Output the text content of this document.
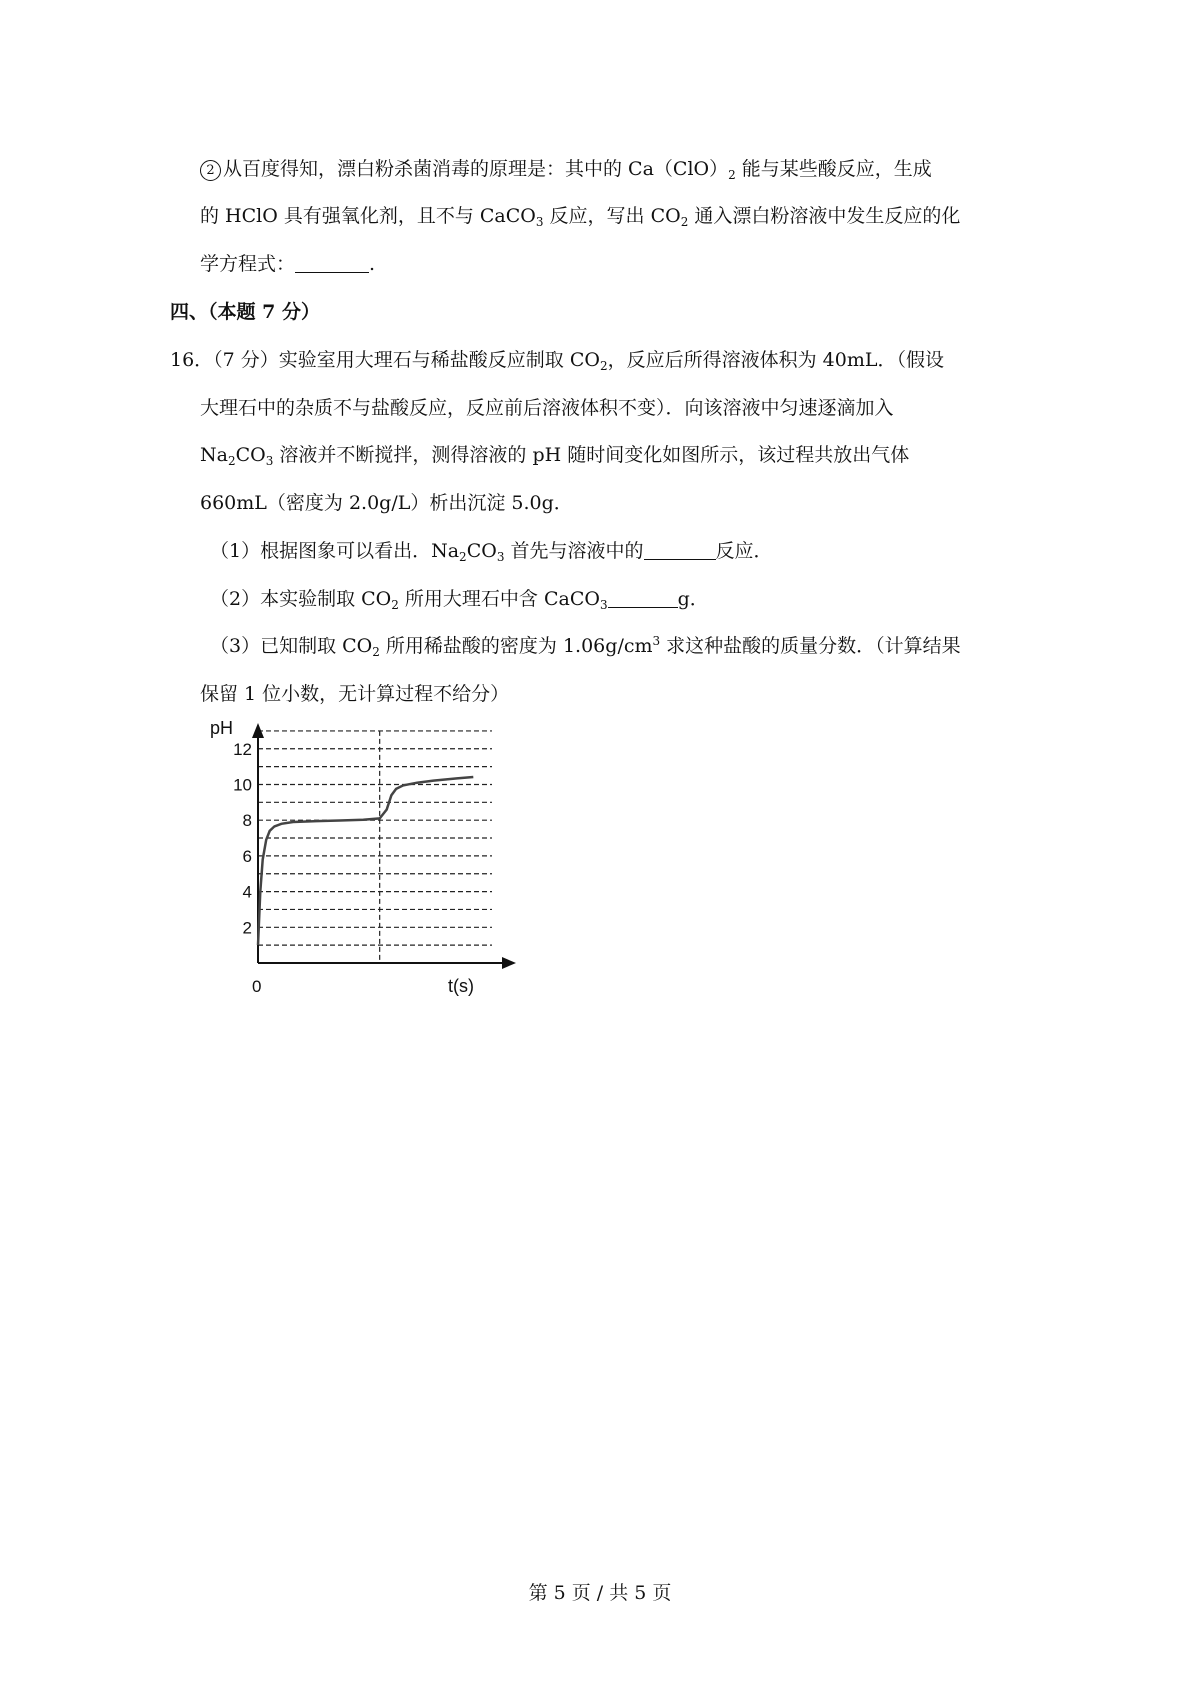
2 从百度得知，漂白粉杀菌消毒的原理是：其中的 $Ca(ClO)_2$ 能与某些酸反应，生成
的 HClO 具有强氧化剂，且不与 CaCO$_3$ 反应，写出 $CO_2$ 通入漂白粉溶液中发生反应的化
学方程式：	.
四、（本题 7 分）
16．（7 分）实验室用大理石与稀盐酸反应制取 $CO_2$，反应后所得溶液体积为 40mL．（假设
大理石中的杂质不与盐酸反应，反应前后溶液体积不变）．向该溶液中匀速逐滴加入
$Na_2CO_3$ 溶液并不断搅拌，测得溶液的 pH 随时间变化如图所示，该过程共放出气体
660mL（密度为 2.0g/L）析出沉淀 5.0g．
（1）根据图象可以看出．$Na_2CO_3$ 首先与溶液中的	反应．
（2）本实验制取 $CO_2$ 所用大理石中含 CaCO$_3$	g．
（3）已知制取 $CO_2$ 所用稀盐酸的密度为 $1.06g/cm^3$ 求这种盐酸的质量分数．（计算结果
保留 1 位小数，无计算过程不给分）
2
4
6
8
10
12
pH
t(s)
0
第 5 页 / 共 5 页
